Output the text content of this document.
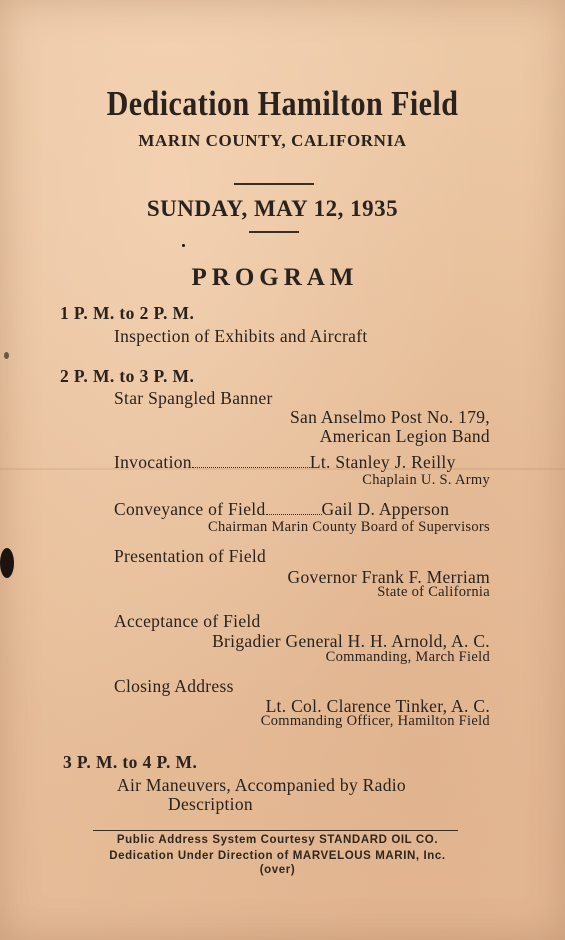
Dedication Hamilton Field
MARIN COUNTY, CALIFORNIA
SUNDAY, MAY 12, 1935
PROGRAM
1 P. M. to 2 P. M.
Inspection of Exhibits and Aircraft
2 P. M. to 3 P. M.
Star Spangled Banner
San Anselmo Post No. 179,
American Legion Band
Invocation	Lt. Stanley J. Reilly
Chaplain U. S. Army
Conveyance of Field	Gail D. Apperson
Chairman Marin County Board of Supervisors
Presentation of Field
Governor Frank F. Merriam
State of California
Acceptance of Field
Brigadier General H. H. Arnold, A. C.
Commanding, March Field
Closing Address
Lt. Col. Clarence Tinker, A. C.
Commanding Officer, Hamilton Field
3 P. M. to 4 P. M.
Air Maneuvers, Accompanied by Radio
Description
Public Address System Courtesy STANDARD OIL CO.
Dedication Under Direction of MARVELOUS MARIN, Inc.
(over)
